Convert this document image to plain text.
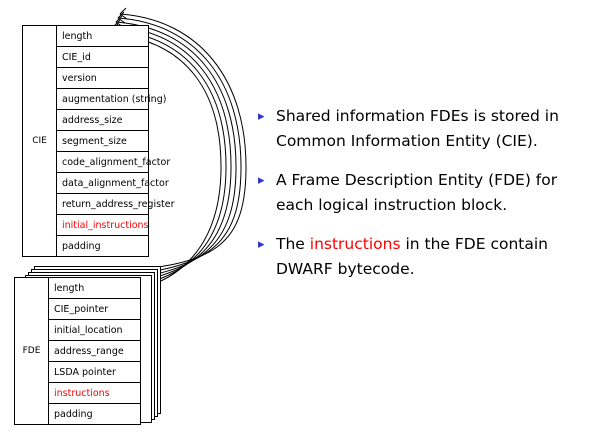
CIE
length
CIE_id
version
augmentation (string)
address_size
segment_size
code_alignment_factor
data_alignment_factor
return_address_register
initial_instructions
padding
FDE
length
CIE_pointer
initial_location
address_range
LSDA pointer
instructions
padding
▸ Shared information FDEs is stored in Common Information Entity (CIE).
▸ A Frame Description Entity (FDE) for each logical instruction block.
▸ The instructions in the FDE contain DWARF bytecode.
